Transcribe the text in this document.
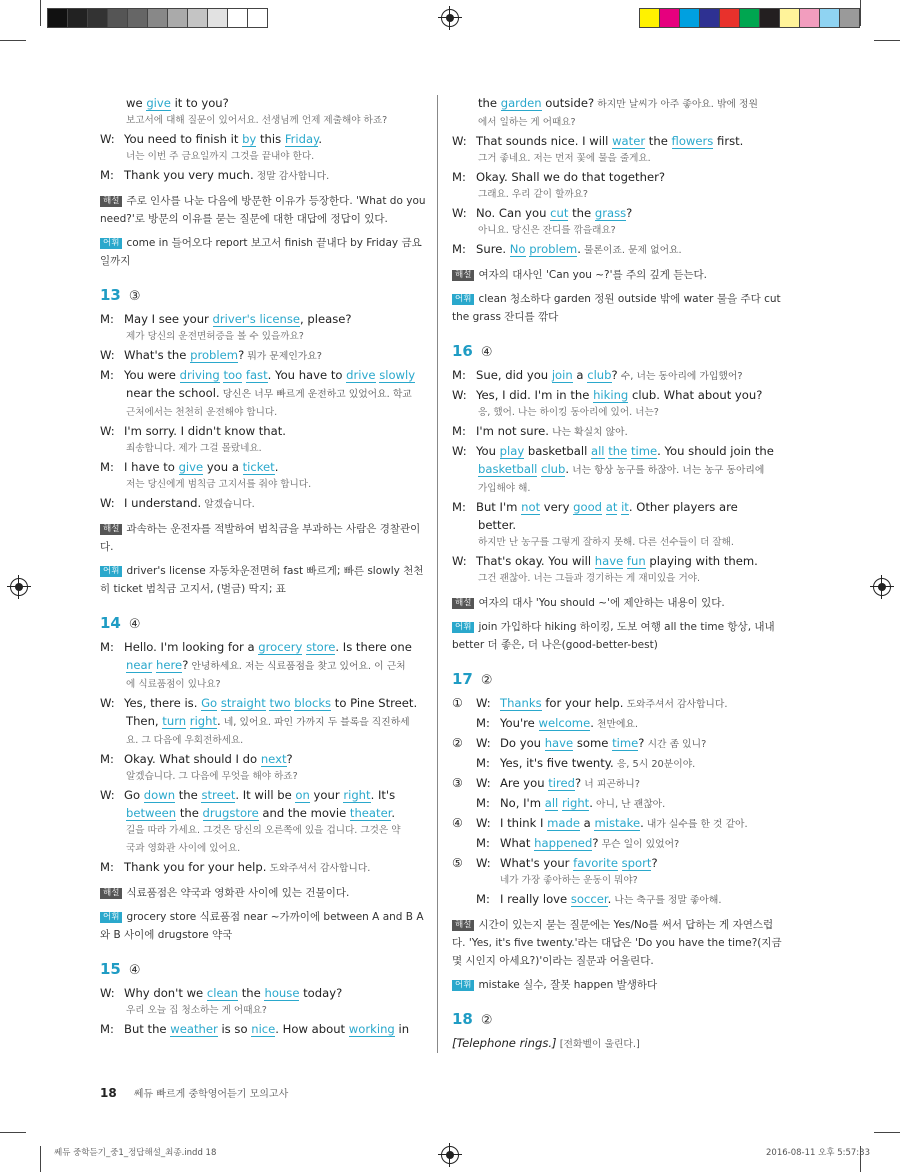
we give it to you?
보고서에 대해 질문이 있어서요. 선생님께 언제 제출해야 하죠?
W: You need to finish it by this Friday.
너는 이번 주 금요일까지 그것을 끝내야 한다.
M: Thank you very much. 정말 감사합니다.
해설 주로 인사를 나눈 다음에 방문한 이유가 등장한다. 'What do you need?'로 방문의 이유를 묻는 질문에 대한 대답에 정답이 있다.
어휘 come in 들어오다 report 보고서 finish 끝내다 by Friday 금요일까지
13 ③
M: May I see your driver's license, please?
제가 당신의 운전면허증을 볼 수 있을까요?
W: What's the problem? 뭐가 문제인가요?
M: You were driving too fast. You have to drive slowly
near the school. 당신은 너무 빠르게 운전하고 있었어요. 학교
근처에서는 천천히 운전해야 합니다.
W: I'm sorry. I didn't know that.
죄송합니다. 제가 그걸 몰랐네요.
M: I have to give you a ticket.
저는 당신에게 범칙금 고지서를 줘야 합니다.
W: I understand. 알겠습니다.
해설 과속하는 운전자를 적발하여 범칙금을 부과하는 사람은 경찰관이다.
어휘 driver's license 자동차운전면허 fast 빠르게; 빠른 slowly 천천히 ticket 범칙금 고지서, (벌금) 딱지; 표
14 ④
M: Hello. I'm looking for a grocery store. Is there one
near here? 안녕하세요. 저는 식료품점을 찾고 있어요. 이 근처
에 식료품점이 있나요?
W: Yes, there is. Go straight two blocks to Pine Street.
Then, turn right. 네, 있어요. 파인 가까지 두 블록을 직진하세
요. 그 다음에 우회전하세요.
M: Okay. What should I do next?
알겠습니다. 그 다음에 무엇을 해야 하죠?
W: Go down the street. It will be on your right. It's
between the drugstore and the movie theater.
길을 따라 가세요. 그것은 당신의 오른쪽에 있을 겁니다. 그것은 약
국과 영화관 사이에 있어요.
M: Thank you for your help. 도와주셔서 감사합니다.
해설 식료품점은 약국과 영화관 사이에 있는 건물이다.
어휘 grocery store 식료품점 near ~가까이에 between A and B A와 B 사이에 drugstore 약국
15 ④
W: Why don't we clean the house today?
우리 오늘 집 청소하는 게 어때요?
M: But the weather is so nice. How about working in
the garden outside? 하지만 날씨가 아주 좋아요. 밖에 정원
에서 일하는 게 어때요?
W: That sounds nice. I will water the flowers first.
그거 좋네요. 저는 먼저 꽃에 물을 줄게요.
M: Okay. Shall we do that together?
그래요. 우리 같이 할까요?
W: No. Can you cut the grass?
아니요. 당신은 잔디를 깎을래요?
M: Sure. No problem. 물론이죠. 문제 없어요.
해설 여자의 대사인 'Can you ~?'를 주의 깊게 듣는다.
어휘 clean 청소하다 garden 정원 outside 밖에 water 물을 주다 cut the grass 잔디를 깎다
16 ④
M: Sue, did you join a club? 수, 너는 동아리에 가입했어?
W: Yes, I did. I'm in the hiking club. What about you?
응, 했어. 나는 하이킹 동아리에 있어. 너는?
M: I'm not sure. 나는 확실치 않아.
W: You play basketball all the time. You should join the
basketball club. 너는 항상 농구를 하잖아. 너는 농구 동아리에
가입해야 해.
M: But I'm not very good at it. Other players are
better.
하지만 난 농구를 그렇게 잘하지 못해. 다른 선수들이 더 잘해.
W: That's okay. You will have fun playing with them.
그건 괜찮아. 너는 그들과 경기하는 게 재미있을 거야.
해설 여자의 대사 'You should ~'에 제안하는 내용이 있다.
어휘 join 가입하다 hiking 하이킹, 도보 여행 all the time 항상, 내내 better 더 좋은, 더 나은(good-better-best)
17 ②
① W: Thanks for your help. 도와주셔서 감사합니다.
M: You're welcome. 천만에요.
② W: Do you have some time? 시간 좀 있니?
M: Yes, it's five twenty. 응, 5시 20분이야.
③ W: Are you tired? 너 피곤하니?
M: No, I'm all right. 아니, 난 괜찮아.
④ W: I think I made a mistake. 내가 실수를 한 것 같아.
M: What happened? 무슨 일이 있었어?
⑤ W: What's your favorite sport?
네가 가장 좋아하는 운동이 뭐야?
M: I really love soccer. 나는 축구를 정말 좋아해.
해설 시간이 있는지 묻는 질문에는 Yes/No를 써서 답하는 게 자연스럽다. 'Yes, it's five twenty.'라는 대답은 'Do you have the time?(지금 몇 시인지 아세요?)'이라는 질문과 어울린다.
어휘 mistake 실수, 잘못 happen 발생하다
18 ②
[Telephone rings.] [전화벨이 울린다.]
18 쎄듀 빠르게 중학영어듣기 모의고사
쎄듀 중학듣기_중1_정답해설_최종.indd 18	2016-08-11 오후 5:57:33
